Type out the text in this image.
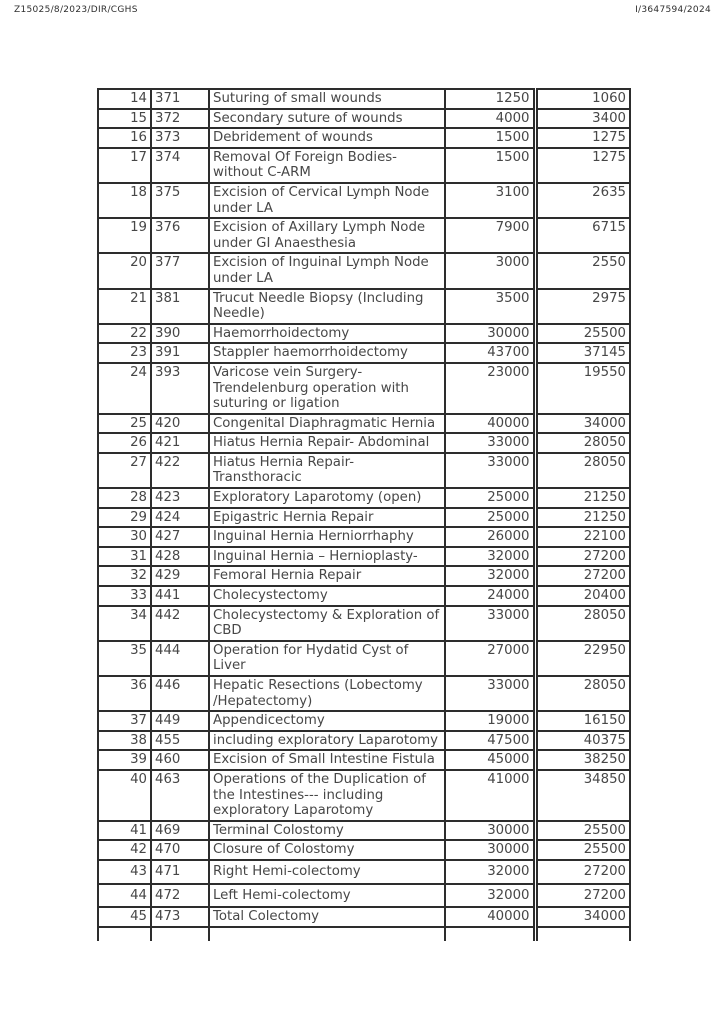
Z15025/8/2023/DIR/CGHS	I/3647594/2024
14	371	Suturing of small wounds	1250	1060
15	372	Secondary suture of wounds	4000	3400
16	373	Debridement of wounds	1500	1275
17	374	Removal Of Foreign Bodies- without C-ARM	1500	1275
18	375	Excision of Cervical Lymph Node under LA	3100	2635
19	376	Excision of Axillary Lymph Node under GI Anaesthesia	7900	6715
20	377	Excision of Inguinal Lymph Node under LA	3000	2550
21	381	Trucut Needle Biopsy (Including Needle)	3500	2975
22	390	Haemorrhoidectomy	30000	25500
23	391	Stappler haemorrhoidectomy	43700	37145
24	393	Varicose vein Surgery- Trendelenburg operation with suturing or ligation	23000	19550
25	420	Congenital Diaphragmatic Hernia	40000	34000
26	421	Hiatus Hernia Repair- Abdominal	33000	28050
27	422	Hiatus Hernia Repair- Transthoracic	33000	28050
28	423	Exploratory Laparotomy (open)	25000	21250
29	424	Epigastric Hernia Repair	25000	21250
30	427	Inguinal Hernia Herniorrhaphy	26000	22100
31	428	Inguinal Hernia – Hernioplasty-	32000	27200
32	429	Femoral Hernia Repair	32000	27200
33	441	Cholecystectomy	24000	20400
34	442	Cholecystectomy & Exploration of CBD	33000	28050
35	444	Operation for Hydatid Cyst of Liver	27000	22950
36	446	Hepatic Resections (Lobectomy /Hepatectomy)	33000	28050
37	449	Appendicectomy	19000	16150
38	455	including exploratory Laparotomy	47500	40375
39	460	Excision of Small Intestine Fistula	45000	38250
40	463	Operations of the Duplication of the Intestines--- including exploratory Laparotomy	41000	34850
41	469	Terminal Colostomy	30000	25500
42	470	Closure of Colostomy	30000	25500
43	471	Right Hemi-colectomy	32000	27200
44	472	Left Hemi-colectomy	32000	27200
45	473	Total Colectomy	40000	34000
